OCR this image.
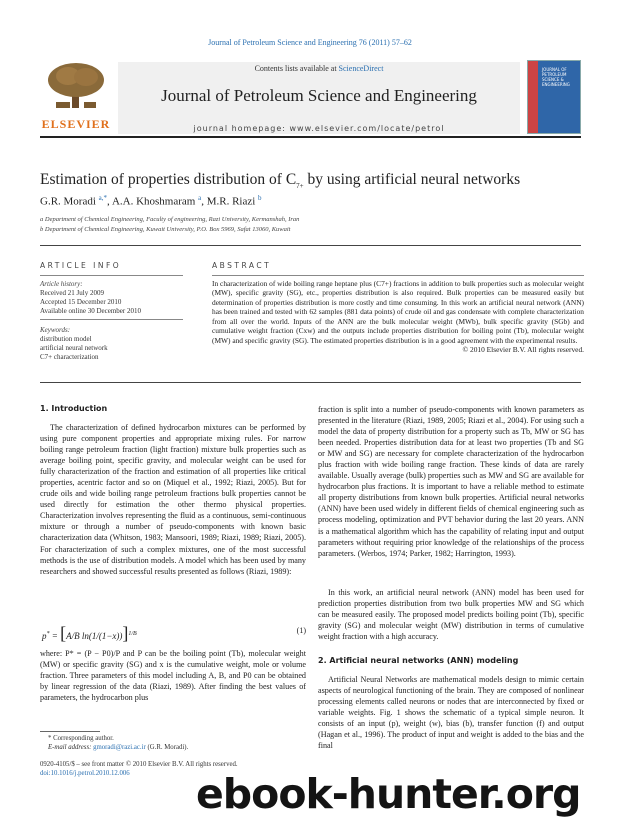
Journal of Petroleum Science and Engineering 76 (2011) 57–62
ELSEVIER
Contents lists available at ScienceDirect
Journal of Petroleum Science and Engineering
journal homepage: www.elsevier.com/locate/petrol
JOURNAL OF PETROLEUM SCIENCE & ENGINEERING
Estimation of properties distribution of $C_{7+}$ by using artificial neural networks
G.R. Moradi $^{a,*}$, A.A. Khoshmaram $^a$, M.R. Riazi $^b$
a Department of Chemical Engineering, Faculty of engineering, Razi University, Kermanshah, Iran
b Department of Chemical Engineering, Kuwait University, P.O. Box 5969, Safat 13060, Kuwait
ARTICLE INFO
Article history:
Received 21 July 2009
Accepted 15 December 2010
Available online 30 December 2010
Keywords:
distribution model
artificial neural network
C7+ characterization
ABSTRACT
In characterization of wide boiling range heptane plus (C7+) fractions in addition to bulk properties such as molecular weight (MW), specific gravity (SG), etc., properties distribution is also required. Bulk properties can be measured easily but determination of properties distribution is more costly and time consuming. In this work an artificial neural network (ANN) has been trained and tested with 62 samples (881 data points) of crude oil and gas condensate with complete characterization from all over the world. Inputs of the ANN are the bulk molecular weight (MWb), bulk specific gravity (SGb) and cumulative weight fraction (Cxw) and the outputs include properties distribution for boiling point (Tb), molecular weight (MW) and specific gravity (SG). The estimated properties distribution is in a good agreement with the experimental results.
© 2010 Elsevier B.V. All rights reserved.
1. Introduction
The characterization of defined hydrocarbon mixtures can be performed by using pure component properties and appropriate mixing rules. For narrow boiling range petroleum fraction (light fraction) mixture bulk properties such as average boiling point, specific gravity, and molecular weight can be used for fully characterization of the fraction and estimation of all properties like critical properties, acentric factor and so on (Miquel et al., 1992; Riazi, 2005). But for crude oils and wide boiling range petroleum fractions bulk properties cannot be used directly for estimation the other thermo physical properties. Characterization involves representing the fluid as a continuous, semi-continuous mixture or through a number of pseudo-components with known basic characterization data (Whitson, 1983; Mansoori, 1989; Riazi, 1989; Riazi, 2005). For characterization of such a complex mixtures, one of the most successful methods is the use of distribution models. A model which has been used by many researchers and showed successful results presented as follows (Riazi, 1989):
p* = [A/B ln(1/(1−x))]$^{1/B}$	(1)
where: P* = (P − P0)/P and P can be the boiling point (Tb), molecular weight (MW) or specific gravity (SG) and x is the cumulative weight, mole or volume fraction. Three parameters of this model including A, B, and P0 can be obtained by linear regression of the data (Riazi, 1989). After finding the best values of parameters, the hydrocarbon plus
* Corresponding author.
E-mail address: gmoradi@razi.ac.ir (G.R. Moradi).
0920-4105/$ – see front matter © 2010 Elsevier B.V. All rights reserved.
doi:10.1016/j.petrol.2010.12.006
fraction is split into a number of pseudo-components with known parameters as presented in the literature (Riazi, 1989, 2005; Riazi et al., 2004). For using such a model the data of property distribution for a property such as Tb, MW or SG has been needed. Properties distribution data for at least two properties (Tb and SG or MW and SG) are necessary for complete characterization of the hydrocarbon plus fraction with wide boiling range fraction. These kinds of data are rarely available. Usually average (bulk) properties such as MW and SG are available for hydrocarbon plus fractions. It is important to have a reliable method to estimate all property distributions from known bulk properties. Artificial neural networks (ANN) have been used widely in different fields of chemical engineering such as process modeling, optimization and PVT behavior during the last 20 years. ANN is a mathematical algorithm which has the capability of relating input and output parameters without requiring prior knowledge of the relationships of the process parameters. (Werbos, 1974; Parker, 1982; Harrington, 1993).
In this work, an artificial neural network (ANN) model has been used for prediction properties distribution from two bulk properties MW and SG which can be measured easily. The proposed model predicts boiling point (Tb), specific gravity (SG) and molecular weight (MW) distribution in terms of cumulative weight fraction with a high accuracy.
2. Artificial neural networks (ANN) modeling
Artificial Neural Networks are mathematical models design to mimic certain aspects of neurological functioning of the brain. They are composed of nonlinear processing elements called neurons or nodes that are interconnected by fixed or variable weights. Fig. 1 shows the schematic of a typical simple neuron. It consists of an input (p), weight (w), bias (b), transfer function (f) and output (Hagan et al., 1996). The product of input and weight is added to the bias and the final
ebook-hunter.org
